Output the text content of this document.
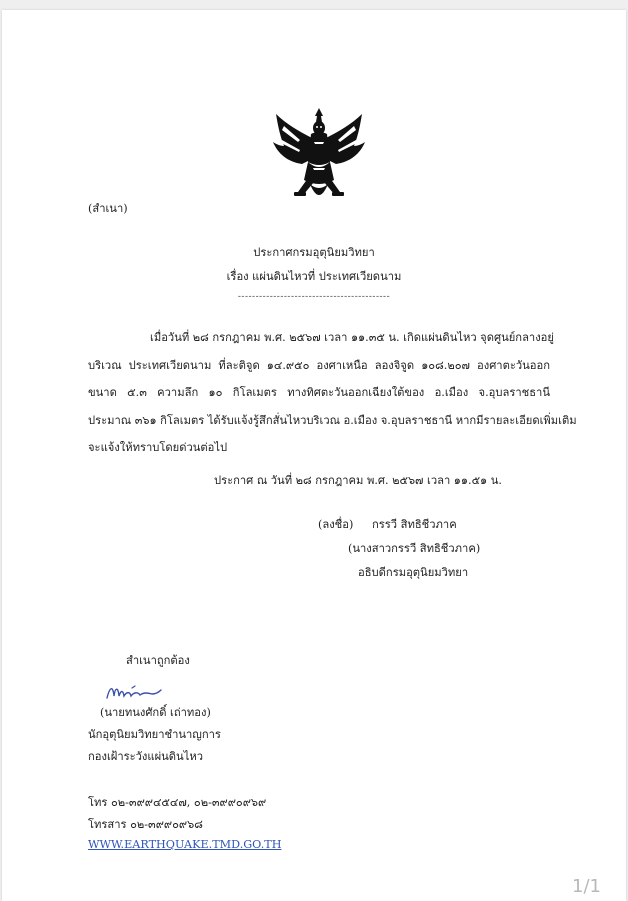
(สำเนา)
ประกาศกรมอุตุนิยมวิทยา
เรื่อง แผ่นดินไหวที่ ประเทศเวียดนาม
-------------------------------------------
เมื่อวันที่ ๒๘ กรกฎาคม พ.ศ. ๒๕๖๗ เวลา ๑๑.๓๕ น. เกิดแผ่นดินไหว จุดศูนย์กลางอยู่
บริเวณ ประเทศเวียดนาม ที่ละติจูด ๑๔.๙๕๐ องศาเหนือ ลองจิจูด ๑๐๘.๒๐๗ องศาตะวันออก
ขนาด ๕.๓ ความลึก ๑๐ กิโลเมตร ทางทิศตะวันออกเฉียงใต้ของ อ.เมือง จ.อุบลราชธานี
ประมาณ ๓๖๑ กิโลเมตร ได้รับแจ้งรู้สึกสั่นไหวบริเวณ อ.เมือง จ.อุบลราชธานี หากมีรายละเอียดเพิ่มเติม
จะแจ้งให้ทราบโดยด่วนต่อไป
ประกาศ ณ วันที่ ๒๘ กรกฎาคม พ.ศ. ๒๕๖๗ เวลา ๑๑.๕๑ น.
(ลงชื่อ) กรรวี สิทธิชีวภาค
(นางสาวกรรวี สิทธิชีวภาค)
อธิบดีกรมอุตุนิยมวิทยา
สำเนาถูกต้อง
(นายทนงศักดิ์ เถ่าทอง)
นักอุตุนิยมวิทยาชำนาญการ
กองเฝ้าระวังแผ่นดินไหว
โทร ๐๒-๓๙๙๔๕๔๗, ๐๒-๓๙๙๐๙๖๙
โทรสาร ๐๒-๓๙๙๐๙๖๘
WWW.EARTHQUAKE.TMD.GO.TH
1/1
